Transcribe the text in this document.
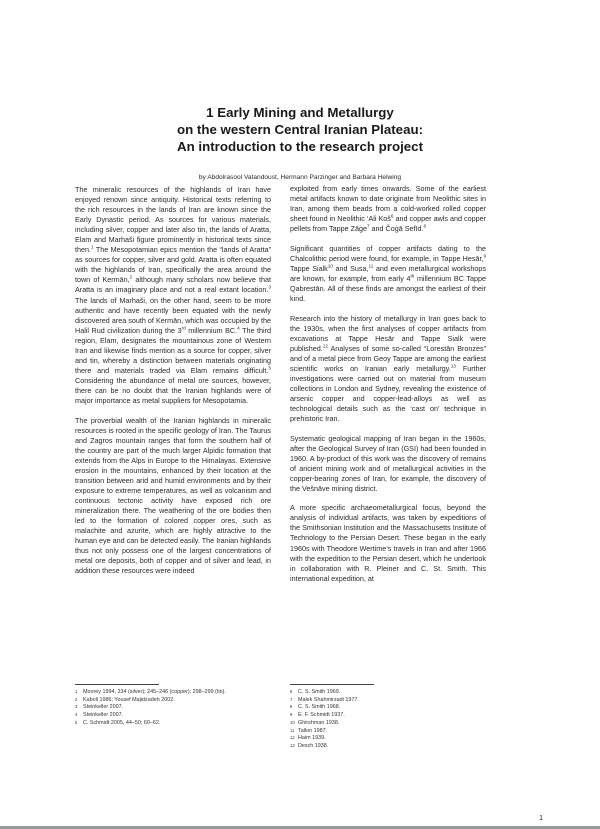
1 Early Mining and Metallurgy
on the western Central Iranian Plateau:
An introduction to the research project
by Abdolrasool Vatandoust, Hermann Parzinger and Barbara Helwing

The mineralic resources of the highlands of Iran have enjoyed renown since antiquity. Historical texts referring to the rich resources in the lands of Iran are known since the Early Dynastic period. As sources for various materials, including silver, copper and later also tin, the lands of Aratta, Elam and Marhaši figure prominently in historical texts since then.$^1$ The Mesopotamian epics mention the “lands of Aratta” as sources for copper, silver and gold. Aratta is often equated with the highlands of Iran, specifically the area around the town of Kermān,$^2$ although many scholars now believe that Aratta is an imaginary place and not a real extant location.$^3$ The lands of Marhaši, on the other hand, seem to be more authentic and have recently been equated with the newly discovered area south of Kermān, which was occupied by the Halil Rud civilization during the 3rd millennium BC.$^4$ The third region, Elam, designates the mountainous zone of Western Iran and likewise finds mention as a source for copper, silver and tin, whereby a distinction between materials originating there and materials traded via Elam remains difficult.$^5$ Considering the abundance of metal ore sources, however, there can be no doubt that the Iranian highlands were of major importance as metal suppliers for Mesopotamia.

The proverbial wealth of the Iranian highlands in mineralic resources is rooted in the specific geology of Iran. The Taurus and Zagros mountain ranges that form the southern half of the country are part of the much larger Alpidic formation that extends from the Alps in Europe to the Himalayas. Extensive erosion in the mountains, enhanced by their location at the transition between arid and humid environments and by their exposure to extreme temperatures, as well as volcanism and continuous tectonic activity have exposed rich ore mineralization there. The weathering of the ore bodies then led to the formation of colored copper ores, such as malachite and azurite, which are highly attractive to the human eye and can be detected easily. The Iranian highlands thus not only possess one of the largest concentrations of metal ore deposits, both of copper and of silver and lead, in addition these resources were indeed

exploited from early times onwards. Some of the earliest metal artifacts known to date originate from Neolithic sites in Iran, among them beads from a cold-worked rolled copper sheet found in Neolithic ‘Ali Koš$^6$ and copper awls and copper pellets from Tappe Zāġe$^7$ and Čoġā Sefīd.$^8$

Significant quantities of copper artifacts dating to the Chalcolithic period were found, for example, in Tappe Hesār,$^9$ Tappe Sialk$^{10}$ and Susa,$^{11}$ and even metallurgical workshops are known, for example, from early 4th millennium BC Tappe Qabrestān. All of these finds are amongst the earliest of their kind.

Research into the history of metallurgy in Iran goes back to the 1930s, when the first analyses of copper artifacts from excavations at Tappe Hesār and Tappe Sialk were published.$^{12}$ Analyses of some so-called “Lorestān Bronzes” and of a metal piece from Geoy Tappe are among the earliest scientific works on Iranian early metallurgy.$^{13}$ Further investigations were carried out on material from museum collections in London and Sydney, revealing the existence of arsenic copper and copper-lead-alloys as well as technological details such as the ‘cast on’ technique in prehistoric Iran.

Systematic geological mapping of Iran began in the 1960s, after the Geological Survey of Iran (GSI) had been founded in 1960. A by-product of this work was the discovery of remains of ancient mining work and of metallurgical activities in the copper-bearing zones of Iran, for example, the discovery of the Vešnāve mining district.

A more specific archaeometallurgical focus, beyond the analysis of individual artifacts, was taken by expeditions of the Smithsonian Institution and the Massachusetts Institute of Technology to the Persian Desert. These began in the early 1960s with Theodore Wertime’s travels in Iran and after 1966 with the expedition to the Persian desert, which he undertook in collaboration with R. Pleiner and C. St. Smith. This international expedition, at

1 Moorey 1994, 234 (silver); 245–246 (copper); 298–299 (tin).
2 Kaboli 1986; Yousef Majidzadeh 2002.
3 Steinkeller 2007.
4 Steinkeller 2007.
5 C. Schmidt 2005, 44–50; 60–62.
6 C. S. Smith 1969.
7 Malek Shahmirzadi 1977.
8 C. S. Smith 1968.
9 E. F. Schmidt 1937.
10 Ghirshman 1938.
11 Tallon 1987.
12 Haim 1939.
13 Desch 1938.
1
